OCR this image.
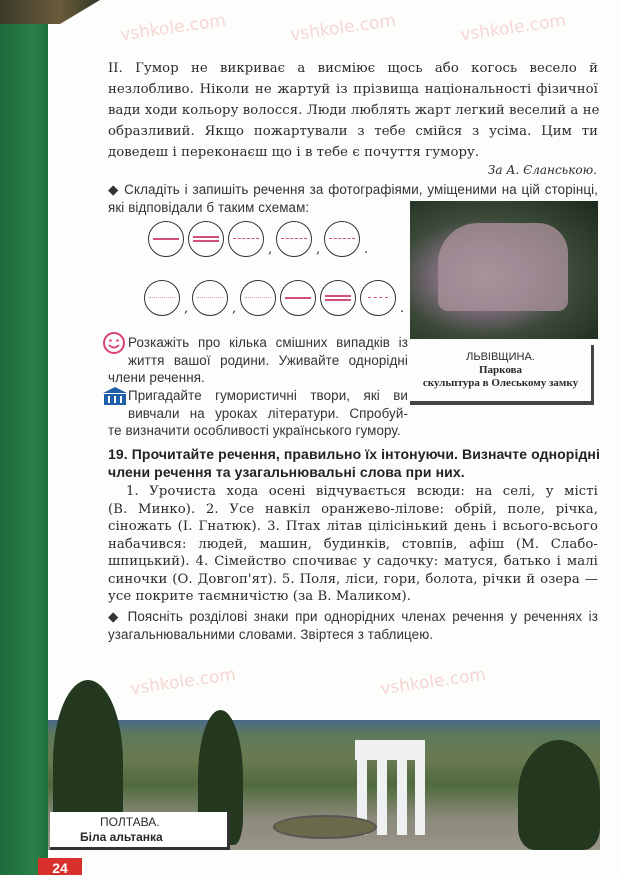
vshkole.com	vshkole.com	vshkole.com
vshkole.com	vshkole.com
II. Гумор не викриває а висміює щось або когось весело й
незлобливо. Ніколи не жартуй із прізвища національності фізичної
вади ходи кольору волосся. Люди люблять жарт легкий веселий а не
образливий. Якщо пожартували з тебе смійся з усіма. Цим ти
доведеш і переконаєш що і в тебе є почуття гумору.
За А. Єланською.
◆ Складіть і запишіть речення за фотографіями, уміщеними на цій сторінці,
які відповідали б таким схемам:
,	,	.
,	,	.
ЛЬВІВЩИНА.
Паркова
скульптура в Олеському замку
Розкажіть про кілька смішних випадків із
життя вашої родини. Уживайте однорідні
члени речення.
Пригадайте гумористичні твори, які ви
вивчали на уроках літератури. Спробуй-
те визначити особливості українського гумору.
19. Прочитайте речення, правильно їх інтонуючи. Визначте однорідні
члени речення та узагальнювальні слова при них.
1. Урочиста хода осені відчувається всюди: на селі, у місті
(В. Минко). 2. Усе навкіл оранжево-лілове: обрій, поле, річка,
сіножать (І. Гнатюк). 3. Птах літав цілісінький день і всього-всього
набачився: людей, машин, будинків, стовпів, афіш (М. Слабо-
шпицький). 4. Сімейство спочиває у садочку: матуся, батько і малі
синочки (О. Довгоп'ят). 5. Поля, ліси, гори, болота, річки й озера —
усе покрите таємничістю (за В. Маликом).
◆ Поясніть розділові знаки при однорідних членах речення у реченнях із
узагальнювальними словами. Звіртеся з таблицею.
ПОЛТАВА.
Біла альтанка
24
